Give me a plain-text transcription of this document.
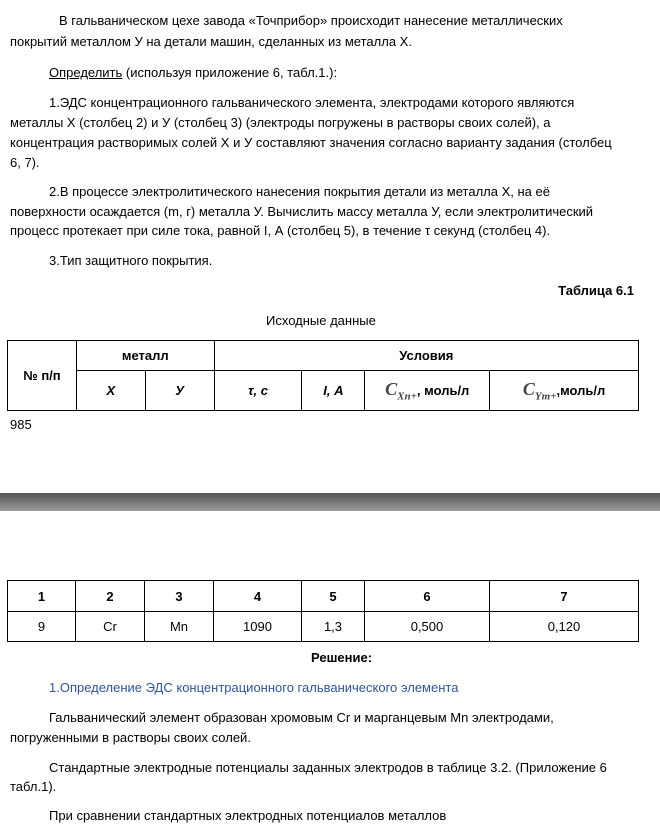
В гальваническом цехе завода «Точприбор» происходит нанесение металлических
покрытий металлом У на детали машин, сделанных из металла X.
Определить (используя приложение 6, табл.1.):
1.ЭДС концентрационного гальванического элемента, электродами которого являются
металлы X (столбец 2) и У (столбец 3) (электроды погружены в растворы своих солей), а
концентрация растворимых солей X и У составляют значения согласно варианту задания (столбец
6, 7).
2.В процессе электролитического нанесения покрытия детали из металла X, на её
поверхности осаждается (m, г) металла У. Вычислить массу металла У, если электролитический
процесс протекает при силе тока, равной I, А (столбец 5), в течение τ секунд (столбец 4).
3.Тип защитного покрытия.
Таблица 6.1
Исходные данные
№ п/п	металл		Условия			
	X	У	τ, с	I, А	$C_{Xn+}$, моль/л	$C_{Ym+},моль/л$
985
1	2	3	4	5	6	7
9	Cr	Mn	1090	1,3	0,500	0,120
Решение:
1.Определение ЭДС концентрационного гальванического элемента
Гальванический элемент образован хромовым Cr и марганцевым Mn электродами,
погруженными в растворы своих солей.
Стандартные электродные потенциалы заданных электродов в таблице 3.2. (Приложение 6
табл.1).
При сравнении стандартных электродных потенциалов металлов
